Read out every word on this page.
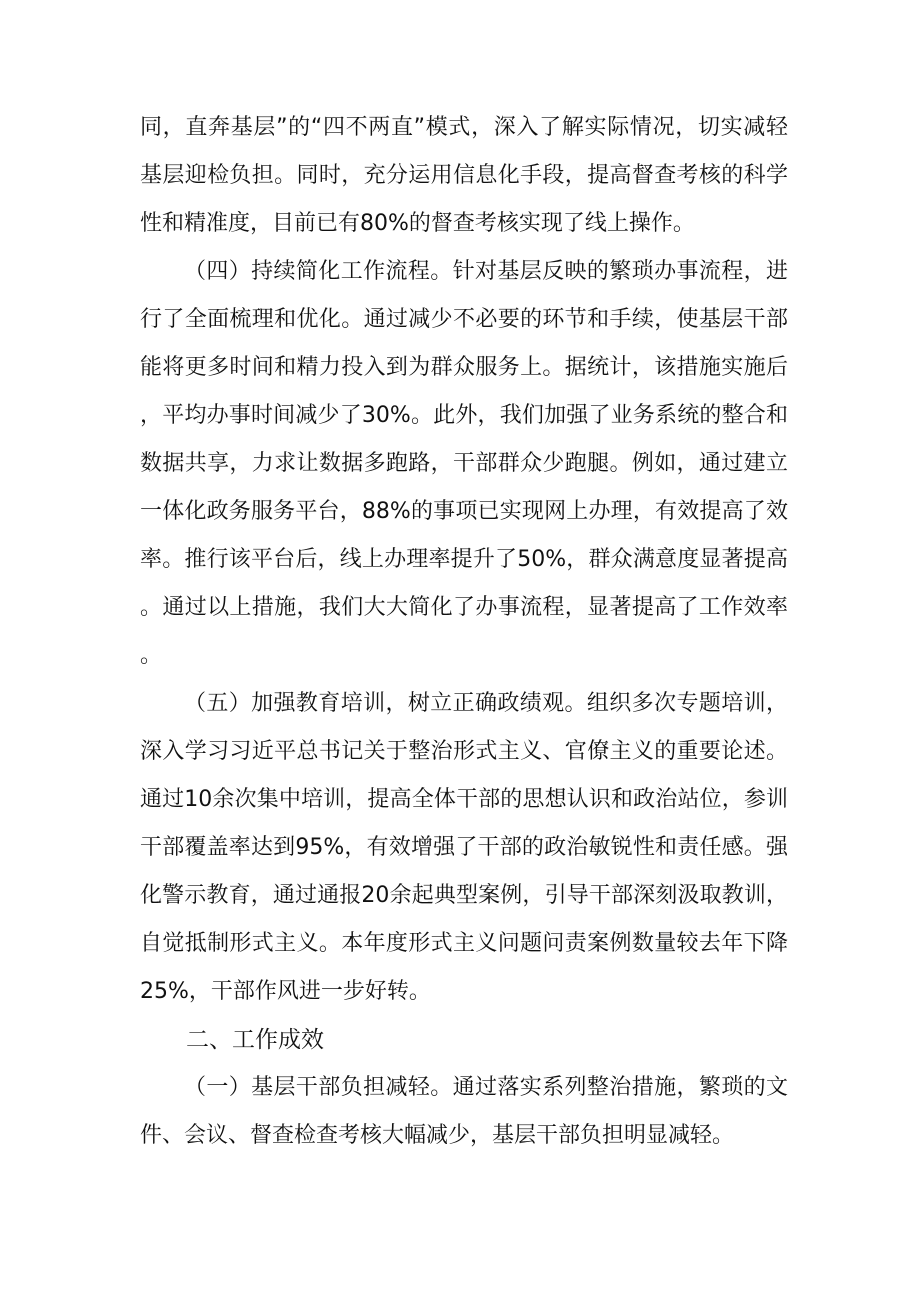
同，直奔基层”的“四不两直”模式，深入了解实际情况，切实减轻基层迎检负担。同时，充分运用信息化手段，提高督查考核的科学性和精准度，目前已有80%的督查考核实现了线上操作。

（四）持续简化工作流程。针对基层反映的繁琐办事流程，进行了全面梳理和优化。通过减少不必要的环节和手续，使基层干部能将更多时间和精力投入到为群众服务上。据统计，该措施实施后，平均办事时间减少了30%。此外，我们加强了业务系统的整合和数据共享，力求让数据多跑路，干部群众少跑腿。例如，通过建立一体化政务服务平台，88%的事项已实现网上办理，有效提高了效率。推行该平台后，线上办理率提升了50%，群众满意度显著提高。通过以上措施，我们大大简化了办事流程，显著提高了工作效率。

（五）加强教育培训，树立正确政绩观。组织多次专题培训，深入学习习近平总书记关于整治形式主义、官僚主义的重要论述。通过10余次集中培训，提高全体干部的思想认识和政治站位，参训干部覆盖率达到95%，有效增强了干部的政治敏锐性和责任感。强化警示教育，通过通报20余起典型案例，引导干部深刻汲取教训，自觉抵制形式主义。本年度形式主义问题问责案例数量较去年下降25%，干部作风进一步好转。

二、工作成效

（一）基层干部负担减轻。通过落实系列整治措施，繁琐的文件、会议、督查检查考核大幅减少，基层干部负担明显减轻。
